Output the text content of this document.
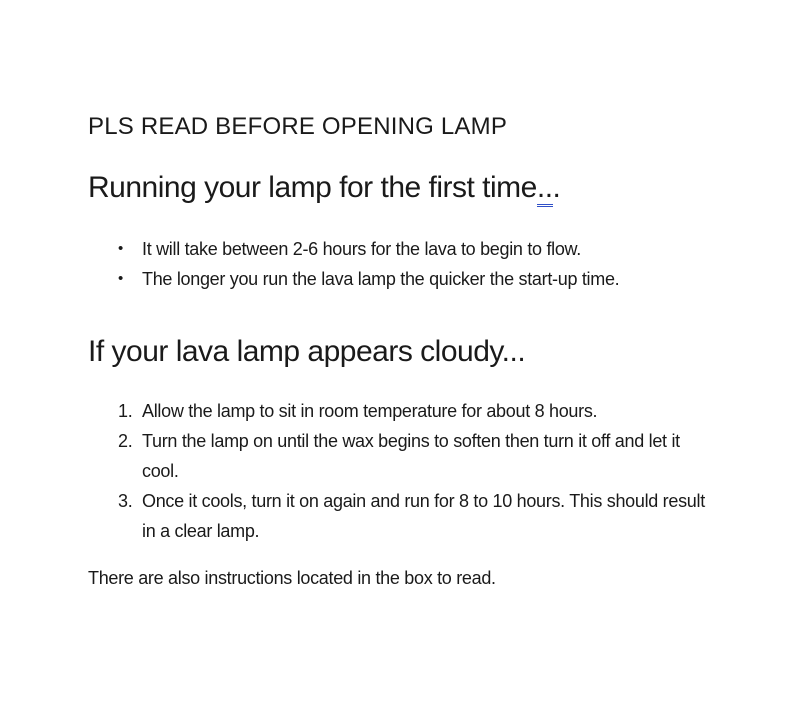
PLS READ BEFORE OPENING LAMP
Running your lamp for the first time...
•	It will take between 2-6 hours for the lava to begin to flow.
•	The longer you run the lava lamp the quicker the start-up time.
If your lava lamp appears cloudy...
1. Allow the lamp to sit in room temperature for about 8 hours.
2. Turn the lamp on until the wax begins to soften then turn it off and let it
cool.
3. Once it cools, turn it on again and run for 8 to 10 hours. This should result
in a clear lamp.
There are also instructions located in the box to read.
